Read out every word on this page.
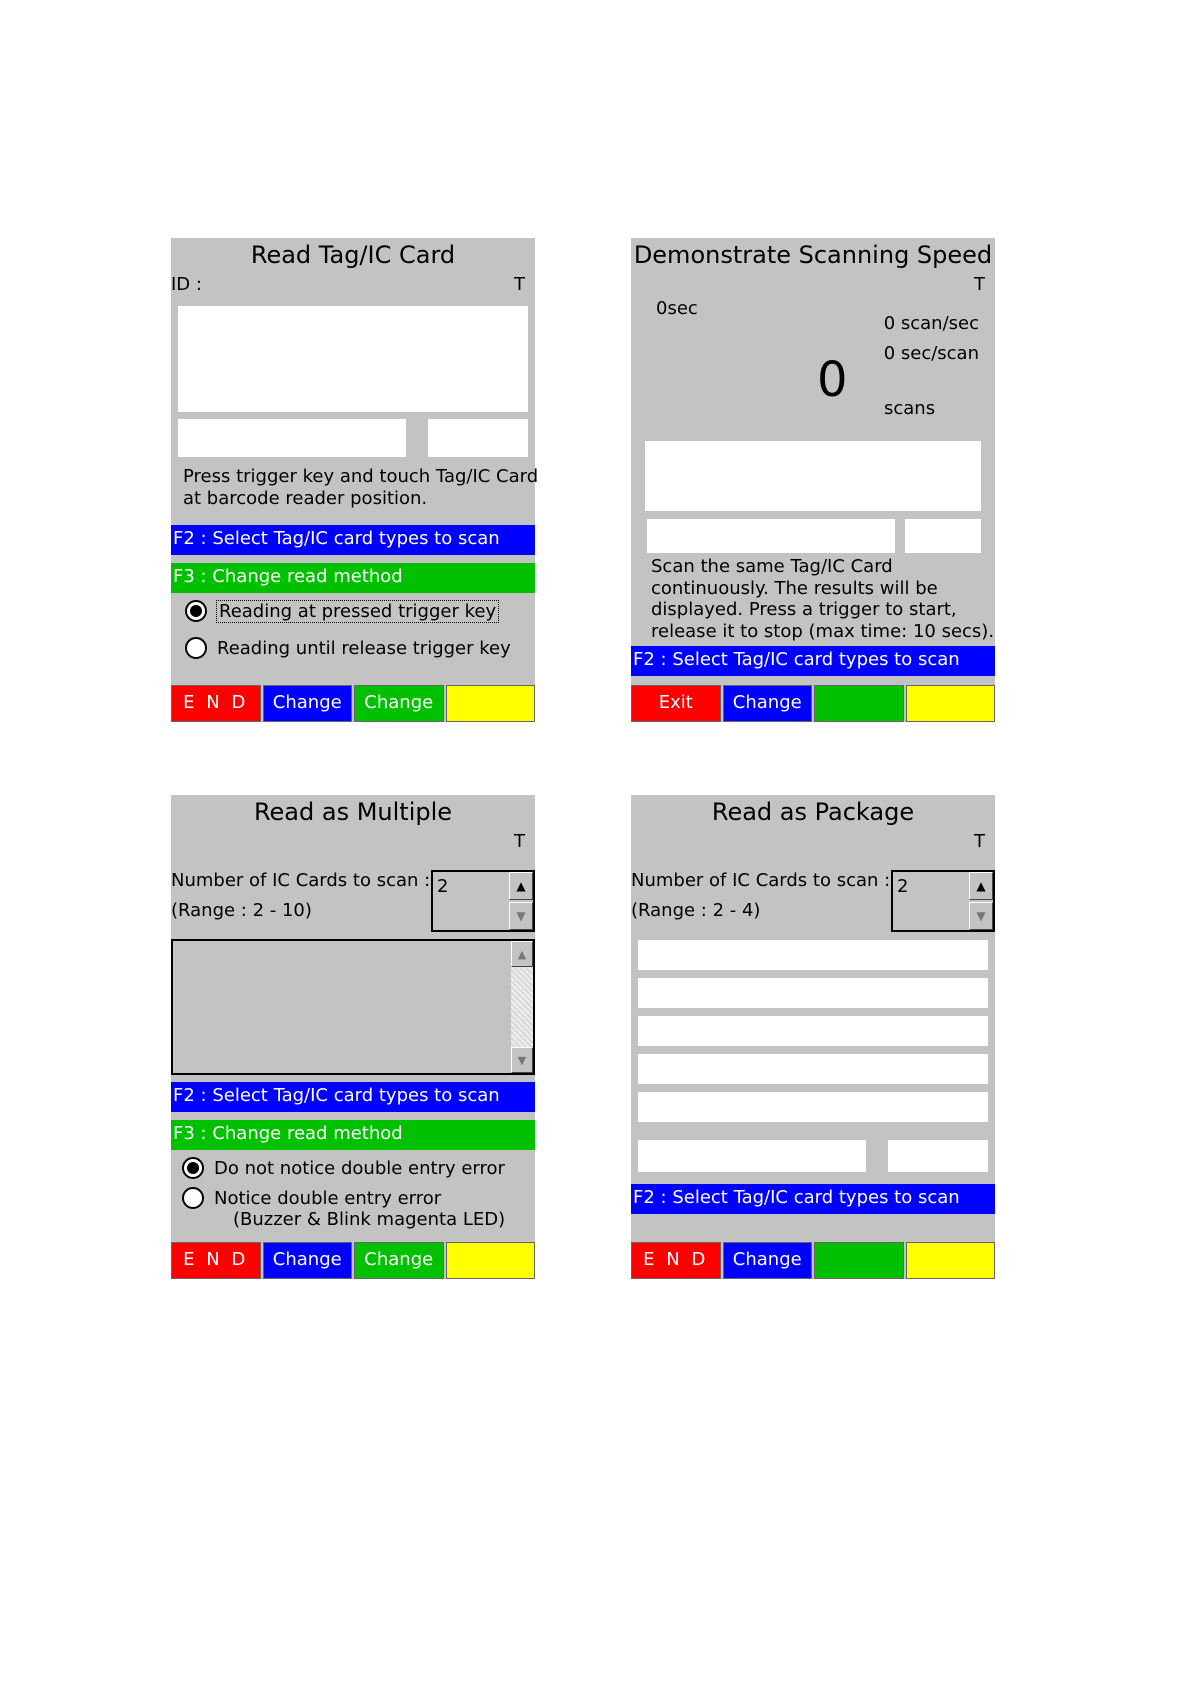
Read Tag/IC Card
ID :	T
Press trigger key and touch Tag/IC Card
at barcode reader position.
F2 : Select Tag/IC card types to scan
F3 : Change read method
Reading at pressed trigger key
Reading until release trigger key
E N D	Change	Change
Demonstrate Scanning Speed
T
0sec
0 scan/sec
0 sec/scan
0
scans
Scan the same Tag/IC Card
continuously. The results will be
displayed. Press a trigger to start,
release it to stop (max time: 10 secs).
F2 : Select Tag/IC card types to scan
Exit	Change
Read as Multiple
T
Number of IC Cards to scan :
(Range : 2 - 10)
2	▲
▼
▲
▼
F2 : Select Tag/IC card types to scan
F3 : Change read method
Do not notice double entry error
Notice double entry error
(Buzzer & Blink magenta LED)
E N D	Change	Change
Read as Package
T
Number of IC Cards to scan :
(Range : 2 - 4)
2	▲
▼
F2 : Select Tag/IC card types to scan
E N D	Change
